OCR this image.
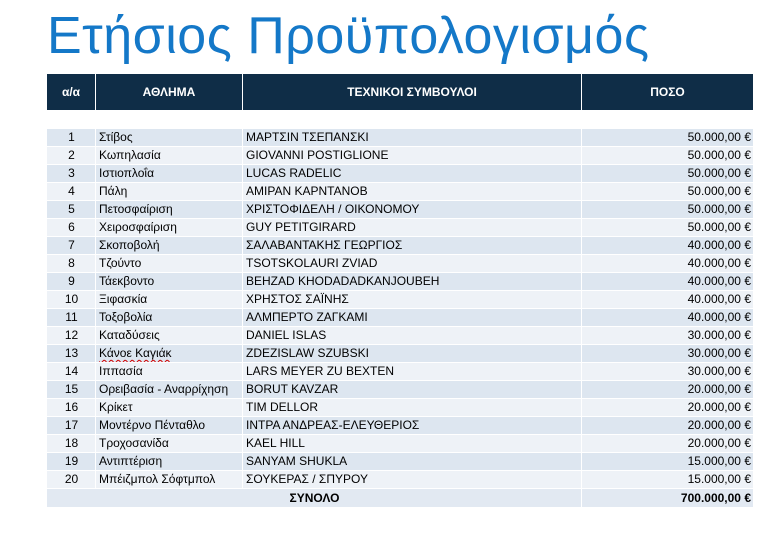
Ετήσιος Προϋπολογισμός
α/α	ΑΘΛΗΜΑ	ΤΕΧΝΙΚΟΙ ΣΥΜΒΟΥΛΟΙ	ΠΟΣΟ

1	Στίβος	ΜΑΡΤΣΙΝ ΤΣΕΠΑΝΣΚΙ	50.000,00 €
2	Κωπηλασία	GIOVANNI POSTIGLIONE	50.000,00 €
3	Ιστιοπλοΐα	LUCAS RADELIC	50.000,00 €
4	Πάλη	ΑΜΙΡΑΝ ΚΑΡΝΤΑΝΟΒ	50.000,00 €
5	Πετοσφαίριση	ΧΡΙΣΤΟΦΙΔΕΛΗ / ΟΙΚΟΝΟΜΟΥ	50.000,00 €
6	Χειροσφαίριση	GUY PETITGIRARD	50.000,00 €
7	Σκοποβολή	ΣΑΛΑΒΑΝΤΑΚΗΣ ΓΕΩΡΓΙΟΣ	40.000,00 €
8	Τζούντο	TSOTSKOLAURI ZVIAD	40.000,00 €
9	Τάεκβοντο	BEHZAD KHODADADKANJOUBEH	40.000,00 €
10	Ξιφασκία	ΧΡΗΣΤΟΣ ΣΑΪΝΗΣ	40.000,00 €
11	Τοξοβολία	ΑΛΜΠΕΡΤΟ ΖΑΓΚΑΜΙ	40.000,00 €
12	Καταδύσεις	DANIEL ISLAS	30.000,00 €
13	Κάνοε Καγιάκ	ZDEZISLAW SZUBSKI	30.000,00 €
14	Ιππασία	LARS MEYER ZU BEXTEN	30.000,00 €
15	Ορειβασία - Αναρρίχηση	BORUT KAVZAR	20.000,00 €
16	Κρίκετ	TIM DELLOR	20.000,00 €
17	Μοντέρνο Πένταθλο	ΙΝΤΡΑ ΑΝΔΡΕΑΣ-ΕΛΕΥΘΕΡΙΟΣ	20.000,00 €
18	Τροχοσανίδα	KAEL HILL	20.000,00 €
19	Αντιπτέριση	SANYAM SHUKLA	15.000,00 €
20	Μπέιζμπολ Σόφτμπολ	ΣΟΥΚΕΡΑΣ / ΣΠΥΡΟΥ	15.000,00 €
ΣΥΝΟΛΟ			700.000,00 €
